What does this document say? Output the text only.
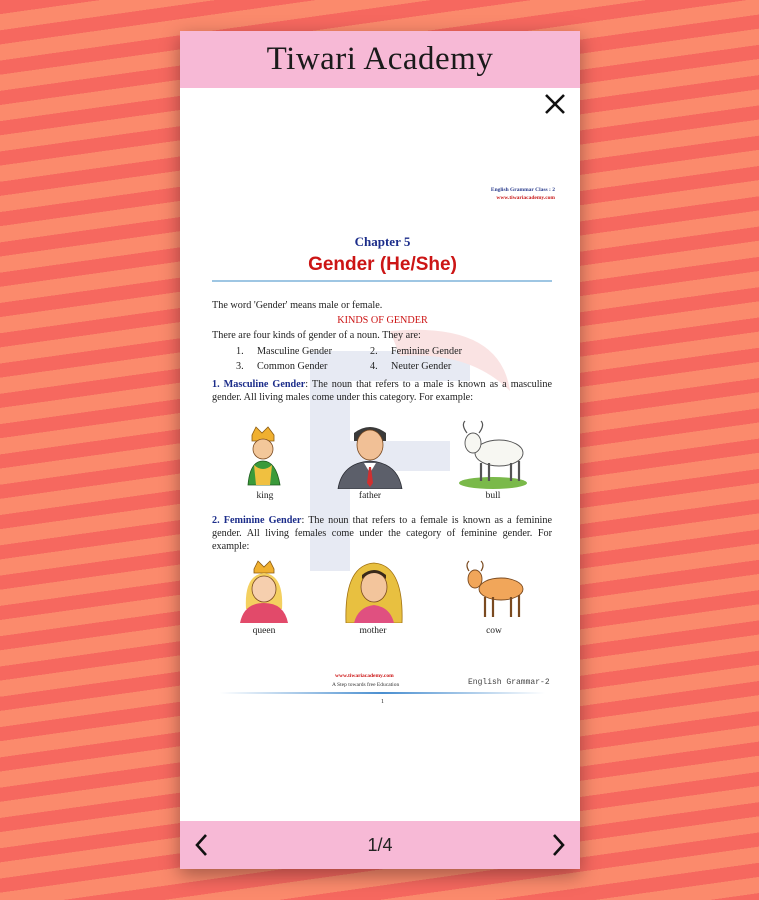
Tiwari Academy
English Grammar Class : 2
www.tiwariacademy.com
Chapter 5
Gender (He/She)
The word 'Gender' means male or female.
KINDS OF GENDER
There are four kinds of gender of a noun. They are:
1. Masculine Gender	2. Feminine Gender
3. Common Gender	4. Neuter Gender
1. Masculine Gender: The noun that refers to a male is known as a masculine gender. All living males come under this category. For example:
king	father	bull
2. Feminine Gender: The noun that refers to a female is known as a feminine gender. All living females come under the category of feminine gender. For example:
queen	mother	cow
www.tiwariacademy.com
A Step towards free Education	English Grammar-2
1
1/4
